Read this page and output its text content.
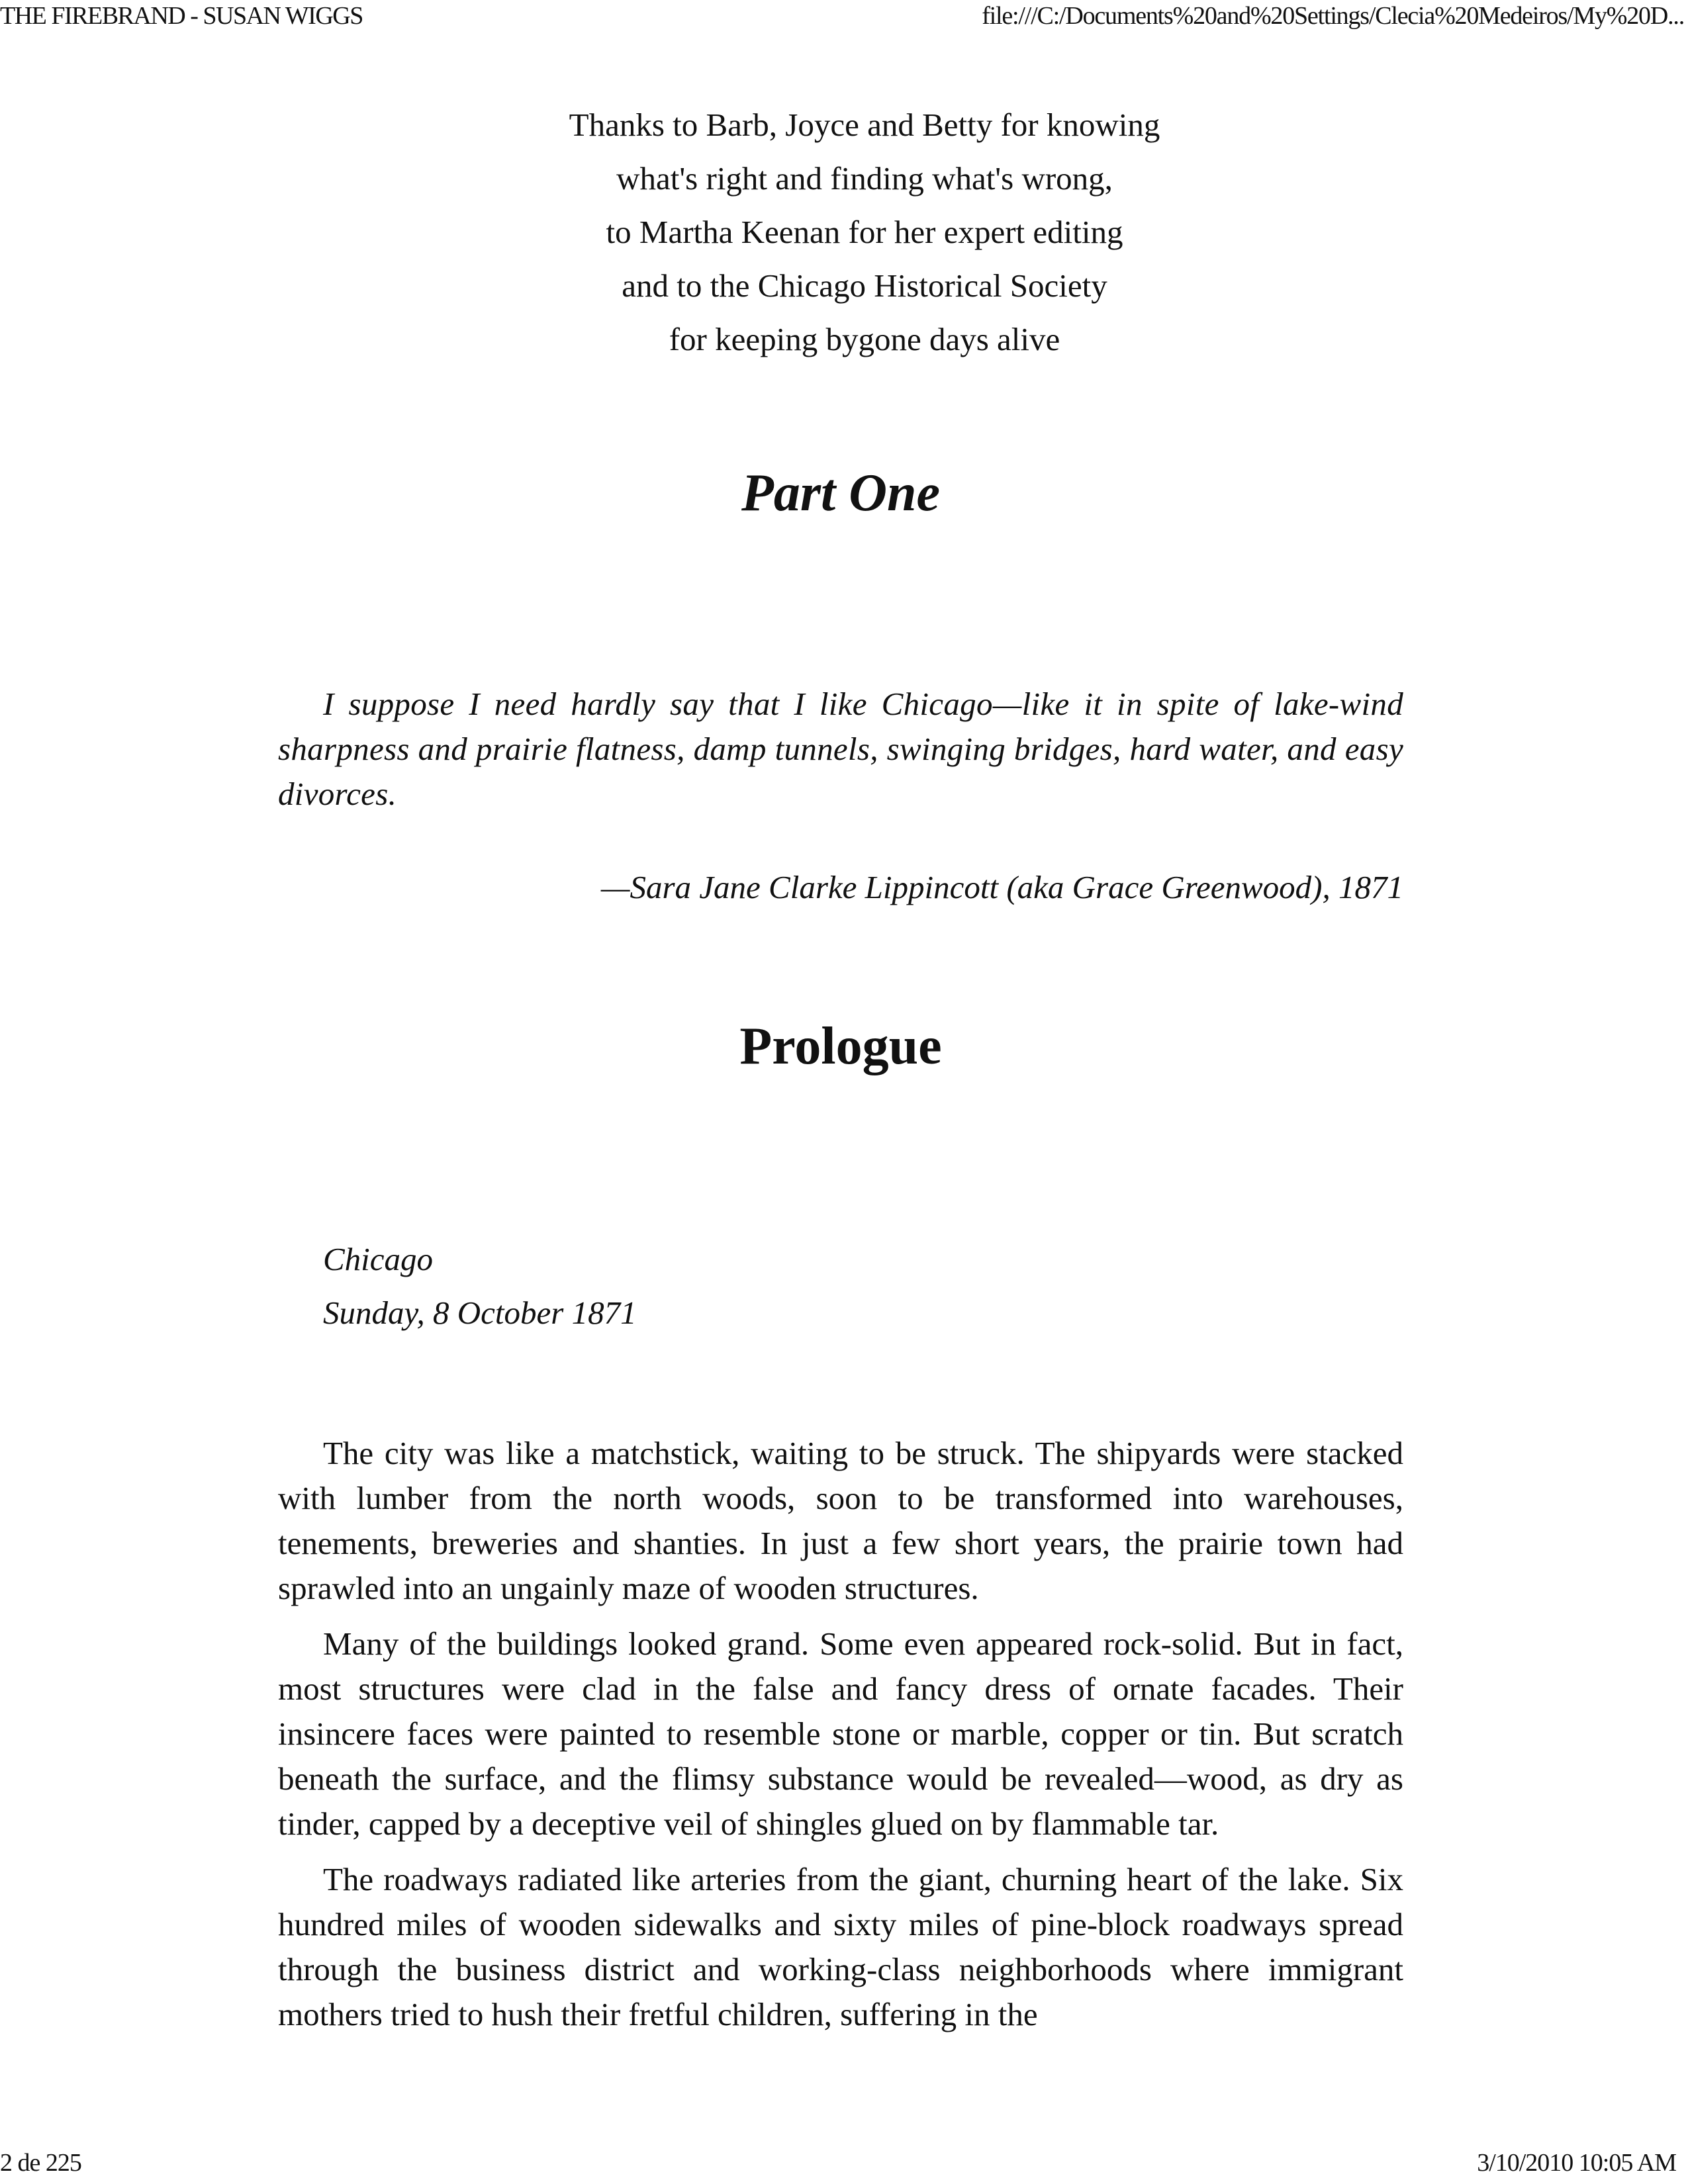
THE FIREBRAND - SUSAN WIGGS	file:///C:/Documents%20and%20Settings/Clecia%20Medeiros/My%20D...
Thanks to Barb, Joyce and Betty for knowing
what's right and finding what's wrong,
to Martha Keenan for her expert editing
and to the Chicago Historical Society
for keeping bygone days alive
Part One
I suppose I need hardly say that I like Chicago—like it in spite of lake-wind sharpness and prairie flatness, damp tunnels, swinging bridges, hard water, and easy divorces.
—Sara Jane Clarke Lippincott (aka Grace Greenwood), 1871
Prologue
Chicago
Sunday, 8 October 1871

The city was like a matchstick, waiting to be struck. The shipyards were stacked with lumber from the north woods, soon to be transformed into warehouses, tenements, breweries and shanties. In just a few short years, the prairie town had sprawled into an ungainly maze of wooden structures.

Many of the buildings looked grand. Some even appeared rock-solid. But in fact, most structures were clad in the false and fancy dress of ornate facades. Their insincere faces were painted to resemble stone or marble, copper or tin. But scratch beneath the surface, and the flimsy substance would be revealed—wood, as dry as tinder, capped by a deceptive veil of shingles glued on by flammable tar.

The roadways radiated like arteries from the giant, churning heart of the lake. Six hundred miles of wooden sidewalks and sixty miles of pine-block roadways spread through the business district and working-class neighborhoods where immigrant mothers tried to hush their fretful children, suffering in the

2 de 225	3/10/2010 10:05 AM
